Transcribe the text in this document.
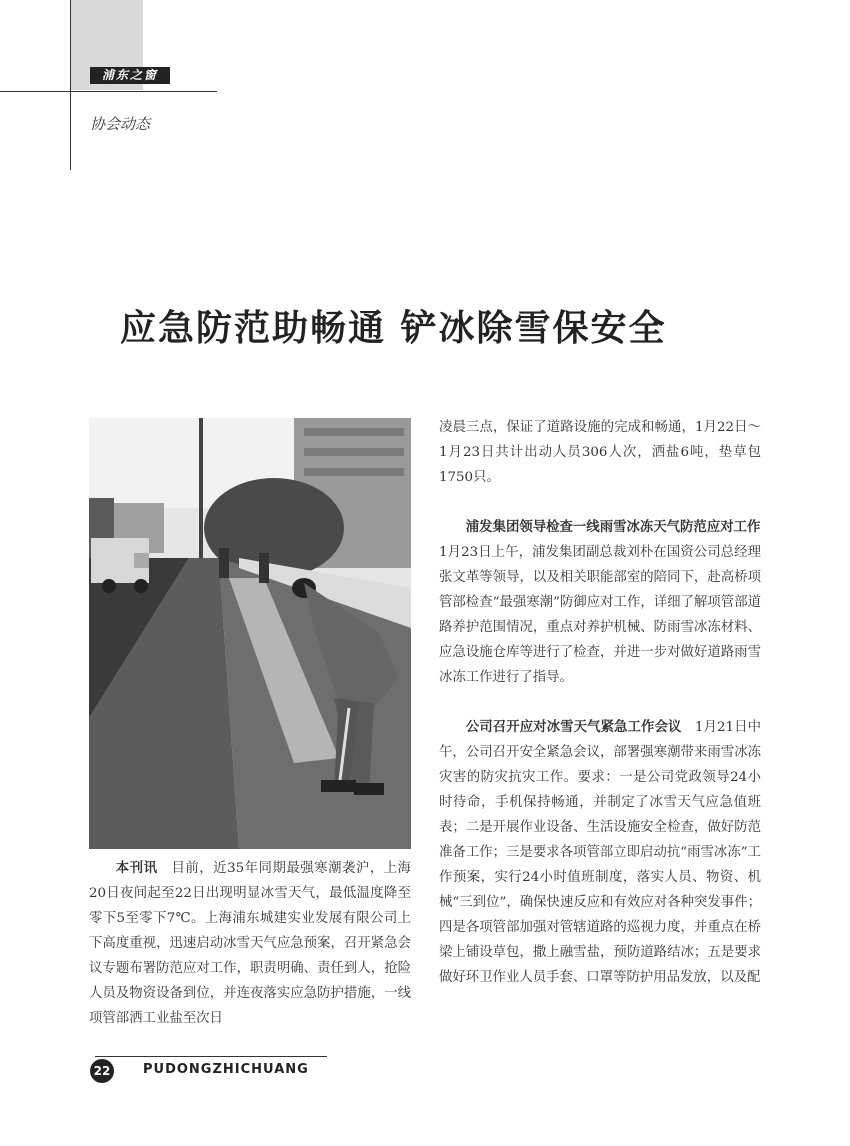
浦东之窗
协会动态
应急防范助畅通 铲冰除雪保安全

本刊讯　目前，近35年同期最强寒潮袭沪，上海20日夜间起至22日出现明显冰雪天气，最低温度降至零下5至零下7℃。上海浦东城建实业发展有限公司上下高度重视，迅速启动冰雪天气应急预案，召开紧急会议专题布署防范应对工作，职责明确、责任到人，抢险人员及物资设备到位，并连夜落实应急防护措施，一线项管部洒工业盐至次日

凌晨三点，保证了道路设施的完成和畅通，1月22日～1月23日共计出动人员306人次，洒盐6吨，垫草包1750只。

浦发集团领导检查一线雨雪冰冻天气防范应对工作　1月23日上午，浦发集团副总裁刘朴在国资公司总经理张文革等领导，以及相关职能部室的陪同下，赴高桥项管部检查“最强寒潮”防御应对工作，详细了解项管部道路养护范围情况，重点对养护机械、防雨雪冰冻材料、应急设施仓库等进行了检查，并进一步对做好道路雨雪冰冻工作进行了指导。

公司召开应对冰雪天气紧急工作会议　1月21日中午，公司召开安全紧急会议，部署强寒潮带来雨雪冰冻灾害的防灾抗灾工作。要求：一是公司党政领导24小时待命，手机保持畅通，并制定了冰雪天气应急值班表；二是开展作业设备、生活设施安全检查，做好防范准备工作；三是要求各项管部立即启动抗“雨雪冰冻”工作预案，实行24小时值班制度，落实人员、物资、机械“三到位”，确保快速反应和有效应对各种突发事件；四是各项管部加强对管辖道路的巡视力度，并重点在桥梁上铺设草包，撒上融雪盐，预防道路结冰；五是要求做好环卫作业人员手套、口罩等防护用品发放，以及配

22	PUDONGZHICHUANG
